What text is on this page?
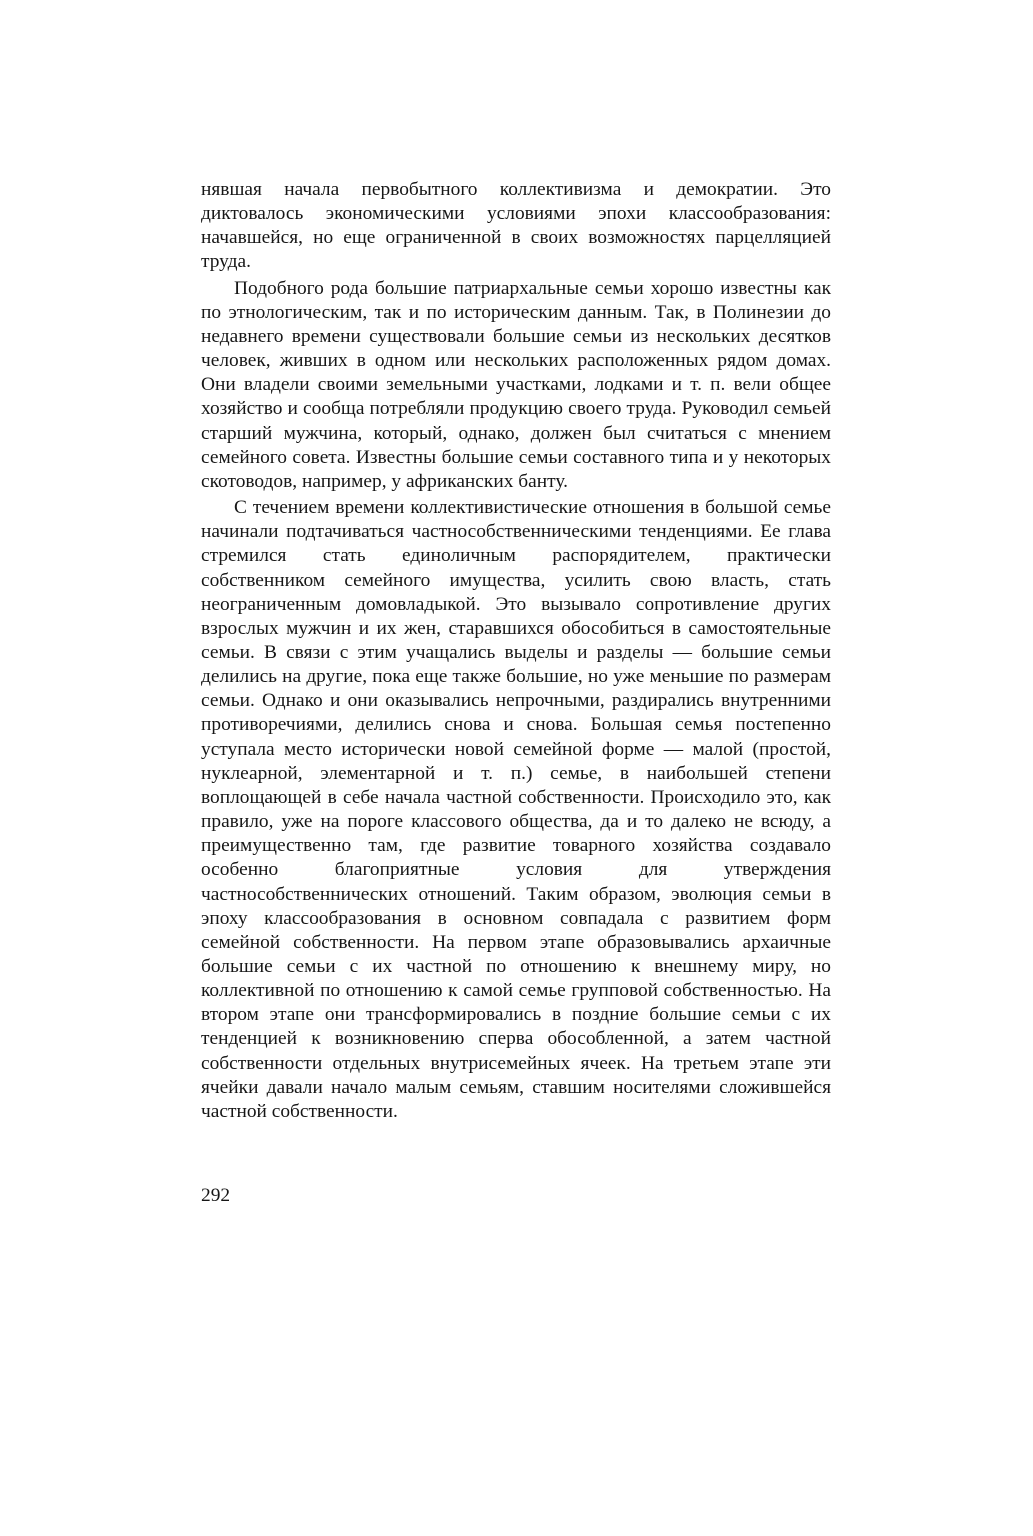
нявшая начала первобытного коллективизма и демократии. Это диктовалось экономическими условиями эпохи классообразования: начавшейся, но еще ограниченной в своих возможностях парцелляцией труда.

Подобного рода большие патриархальные семьи хорошо известны как по этнологическим, так и по историческим данным. Так, в Полинезии до недавнего времени существовали большие семьи из нескольких десятков человек, живших в одном или нескольких расположенных рядом домах. Они владели своими земельными участками, лодками и т. п. вели общее хозяйство и сообща потребляли продукцию своего труда. Руководил семьей старший мужчина, который, однако, должен был считаться с мнением семейного совета. Известны большие семьи составного типа и у некоторых скотоводов, например, у африканских банту.

С течением времени коллективистические отношения в большой семье начинали подтачиваться частнособственническими тенденциями. Ее глава стремился стать единоличным распорядителем, практически собственником семейного имущества, усилить свою власть, стать неограниченным домовладыкой. Это вызывало сопротивление других взрослых мужчин и их жен, старавшихся обособиться в самостоятельные семьи. В связи с этим учащались выделы и разделы — большие семьи делились на другие, пока еще также большие, но уже меньшие по размерам семьи. Однако и они оказывались непрочными, раздирались внутренними противоречиями, делились снова и снова. Большая семья постепенно уступала место исторически новой семейной форме — малой (простой, нуклеарной, элементарной и т. п.) семье, в наибольшей степени воплощающей в себе начала частной собственности. Происходило это, как правило, уже на пороге классового общества, да и то далеко не всюду, а преимущественно там, где развитие товарного хозяйства создавало особенно благоприятные условия для утверждения частнособственнических отношений. Таким образом, эволюция семьи в эпоху классообразования в основном совпадала с развитием форм семейной собственности. На первом этапе образовывались архаичные большие семьи с их частной по отношению к внешнему миру, но коллективной по отношению к самой семье групповой собственностью. На втором этапе они трансформировались в поздние большие семьи с их тенденцией к возникновению сперва обособленной, а затем частной собственности отдельных внутрисемейных ячеек. На третьем этапе эти ячейки давали начало малым семьям, ставшим носителями сложившейся частной собственности.

292
